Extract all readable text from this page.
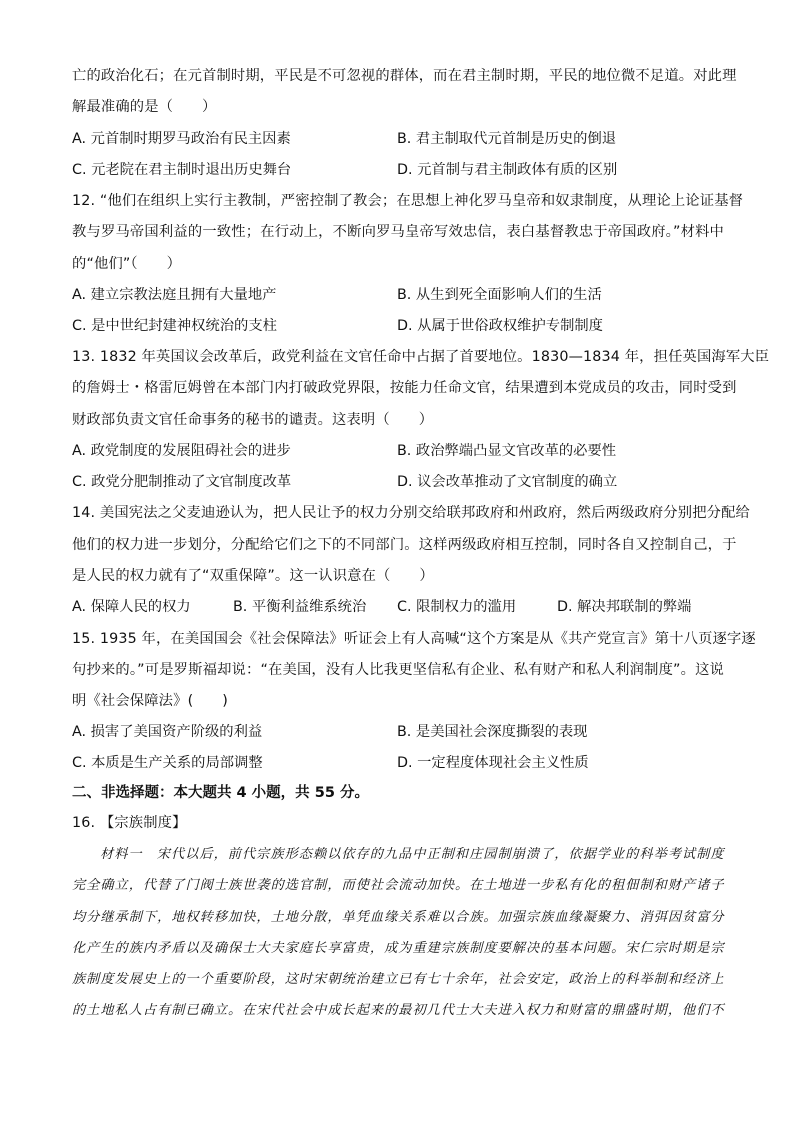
亡的政治化石；在元首制时期，平民是不可忽视的群体，而在君主制时期，平民的地位微不足道。对此理
解最准确的是（　　）
A. 元首制时期罗马政治有民主因素	B. 君主制取代元首制是历史的倒退
C. 元老院在君主制时退出历史舞台	D. 元首制与君主制政体有质的区别
12. “他们在组织上实行主教制，严密控制了教会；在思想上神化罗马皇帝和奴隶制度，从理论上论证基督
教与罗马帝国利益的一致性；在行动上，不断向罗马皇帝写效忠信，表白基督教忠于帝国政府。”材料中
的“他们”（　　）
A. 建立宗教法庭且拥有大量地产	B. 从生到死全面影响人们的生活
C. 是中世纪封建神权统治的支柱	D. 从属于世俗政权维护专制制度
13. 1832 年英国议会改革后，政党利益在文官任命中占据了首要地位。1830—1834 年，担任英国海军大臣
的詹姆士・格雷厄姆曾在本部门内打破政党界限，按能力任命文官，结果遭到本党成员的攻击，同时受到
财政部负责文官任命事务的秘书的谴责。这表明（　　）
A. 政党制度的发展阻碍社会的进步	B. 政治弊端凸显文官改革的必要性
C. 政党分肥制推动了文官制度改革	D. 议会改革推动了文官制度的确立
14. 美国宪法之父麦迪逊认为，把人民让予的权力分别交给联邦政府和州政府，然后两级政府分别把分配给
他们的权力进一步划分，分配给它们之下的不同部门。这样两级政府相互控制，同时各自又控制自己，于
是人民的权力就有了“双重保障”。这一认识意在（　　）
A. 保障人民的权力	B. 平衡利益维系统治 C. 限制权力的滥用	D. 解决邦联制的弊端
15. 1935 年，在美国国会《社会保障法》听证会上有人高喊“这个方案是从《共产党宣言》第十八页逐字逐
句抄来的。”可是罗斯福却说：“在美国，没有人比我更坚信私有企业、私有财产和私人利润制度”。这说
明《社会保障法》(　　)
A. 损害了美国资产阶级的利益	B. 是美国社会深度撕裂的表现
C. 本质是生产关系的局部调整	D. 一定程度体现社会主义性质
二、非选择题：本大题共 4 小题，共 55 分。
16. 【宗族制度】
材料一　宋代以后，前代宗族形态赖以依存的九品中正制和庄园制崩溃了，依据学业的科举考试制度
完全确立，代替了门阀士族世袭的选官制，而使社会流动加快。在土地进一步私有化的租佃制和财产诸子
均分继承制下，地权转移加快，土地分散，单凭血缘关系难以合族。加强宗族血缘凝聚力、消弭因贫富分
化产生的族内矛盾以及确保士大夫家庭长享富贵，成为重建宗族制度要解决的基本问题。宋仁宗时期是宗
族制度发展史上的一个重要阶段，这时宋朝统治建立已有七十余年，社会安定，政治上的科举制和经济上
的土地私人占有制已确立。在宋代社会中成长起来的最初几代士大夫进入权力和财富的鼎盛时期，他们不
